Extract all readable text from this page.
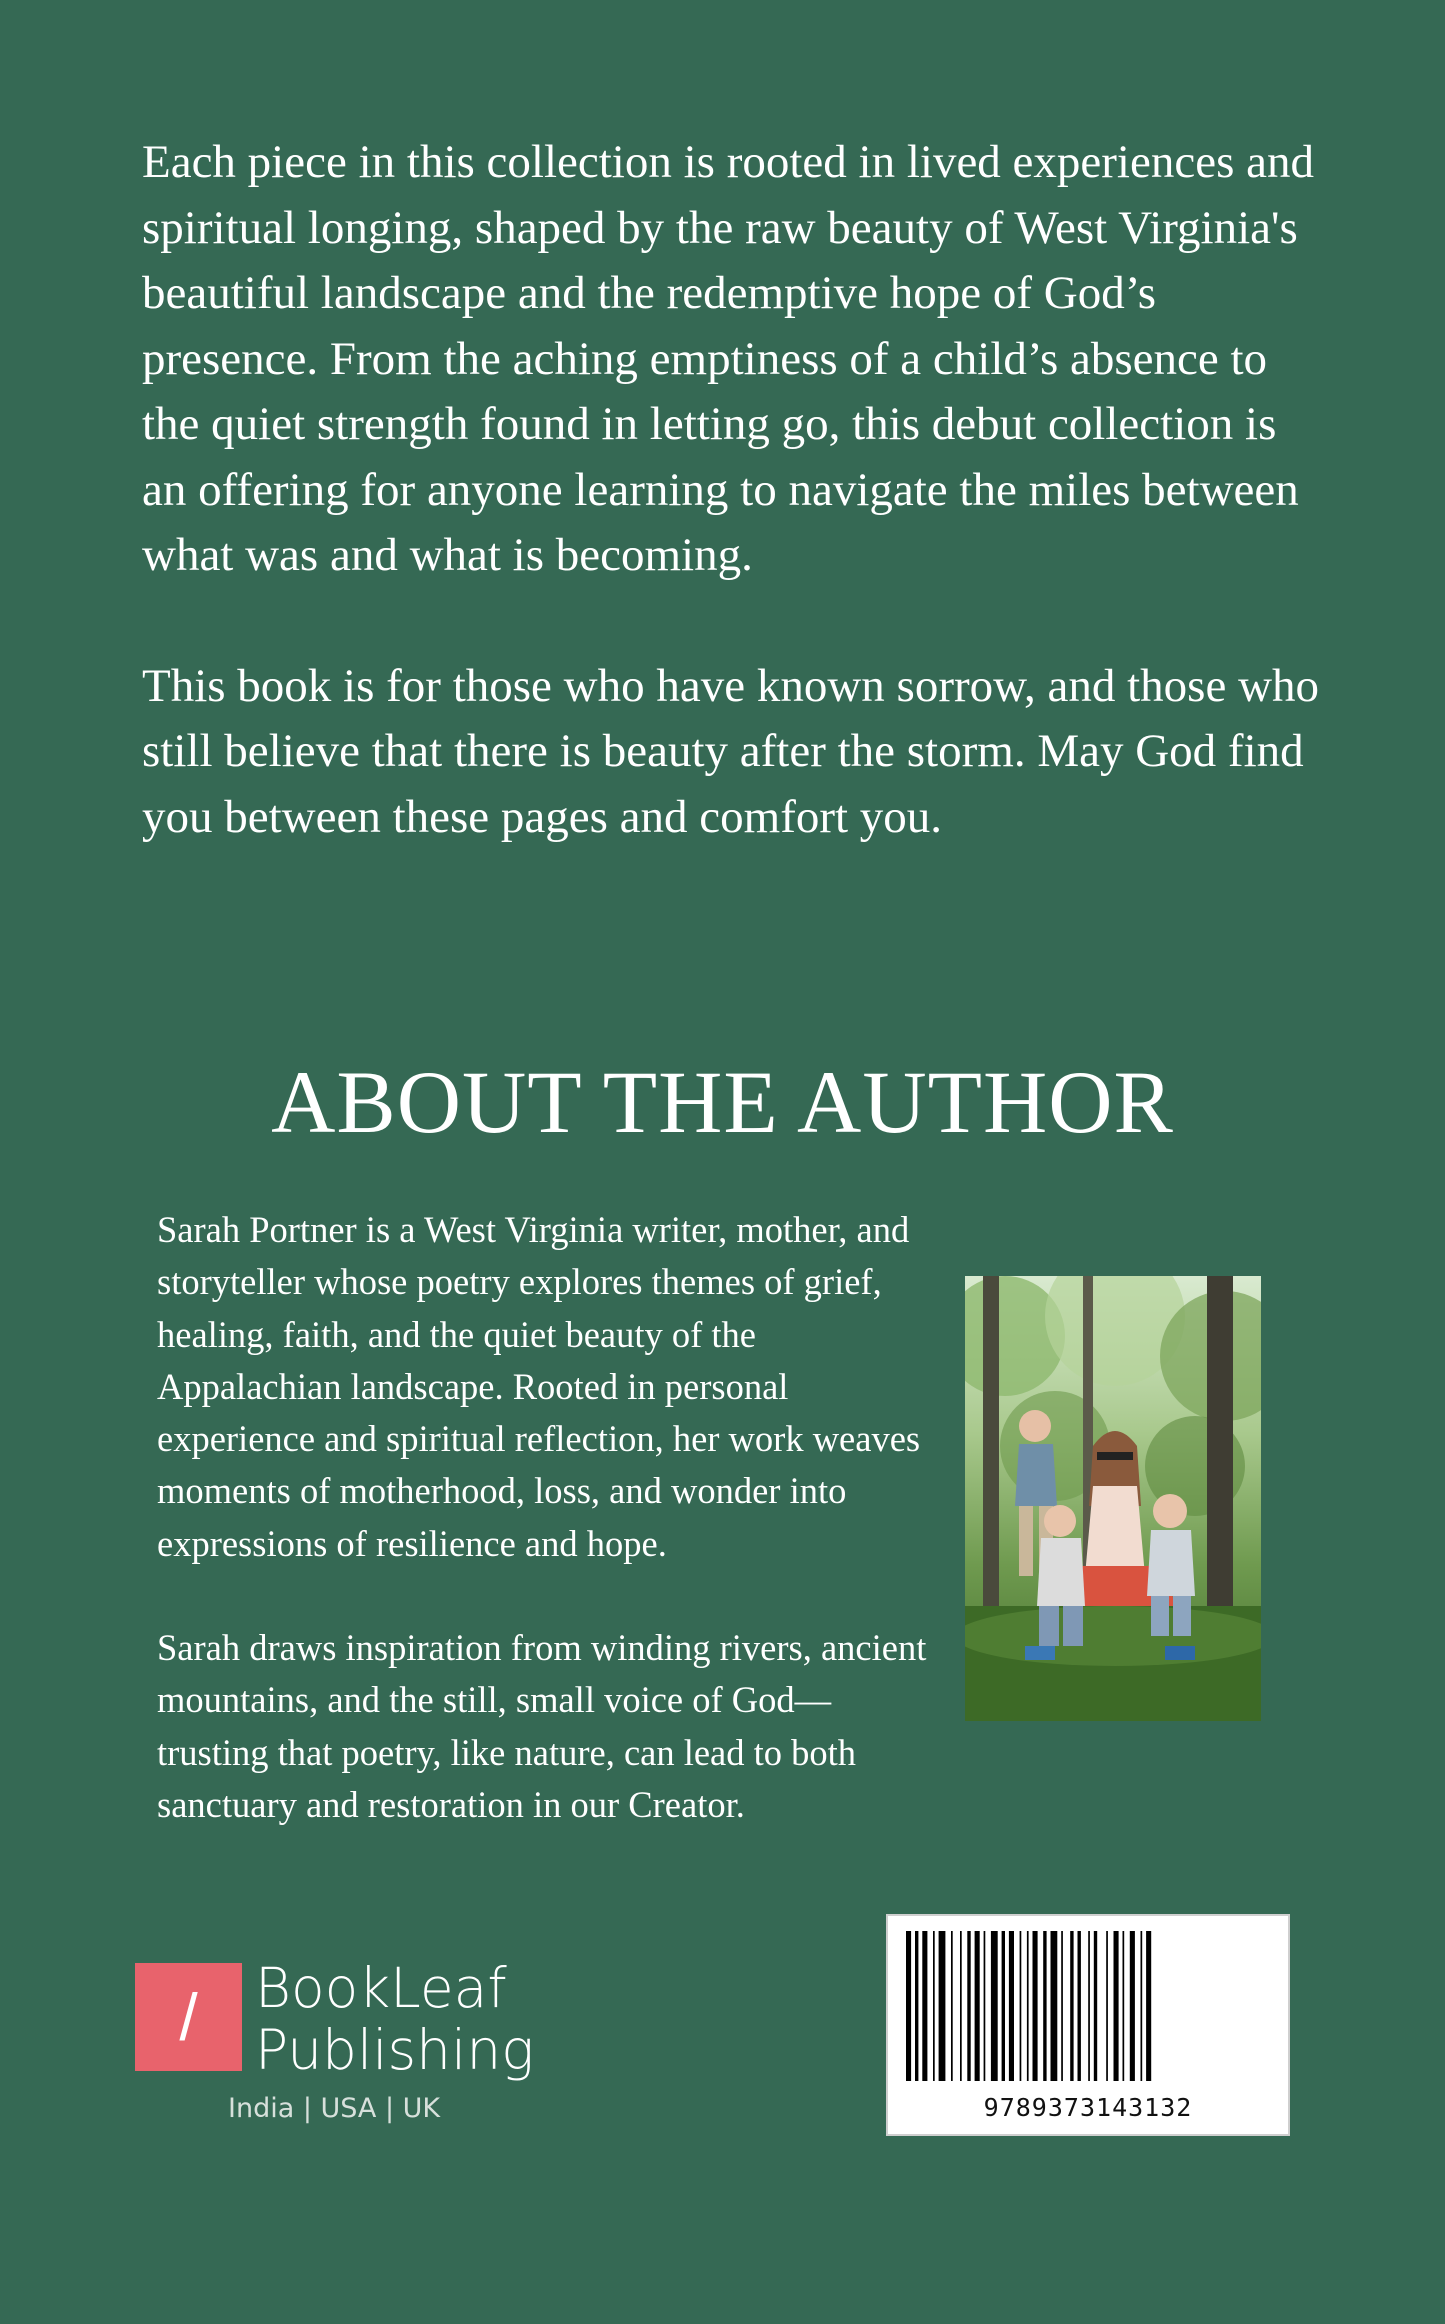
Each piece in this collection is rooted in lived experiences and spiritual longing, shaped by the raw beauty of West Virginia's beautiful landscape and the redemptive hope of God’s presence. From the aching emptiness of a child’s absence to the quiet strength found in letting go, this debut collection is an offering for anyone learning to navigate the miles between what was and what is becoming.

This book is for those who have known sorrow, and those who still believe that there is beauty after the storm. May God find you between these pages and comfort you.

ABOUT THE AUTHOR

Sarah Portner is a West Virginia writer, mother, and storyteller whose poetry explores themes of grief, healing, faith, and the quiet beauty of the Appalachian landscape. Rooted in personal experience and spiritual reflection, her work weaves moments of motherhood, loss, and wonder into expressions of resilience and hope.

Sarah draws inspiration from winding rivers, ancient mountains, and the still, small voice of God—trusting that poetry, like nature, can lead to both sanctuary and restoration in our Creator.

/	BookLeaf
Publishing
India | USA | UK	9789373143132
